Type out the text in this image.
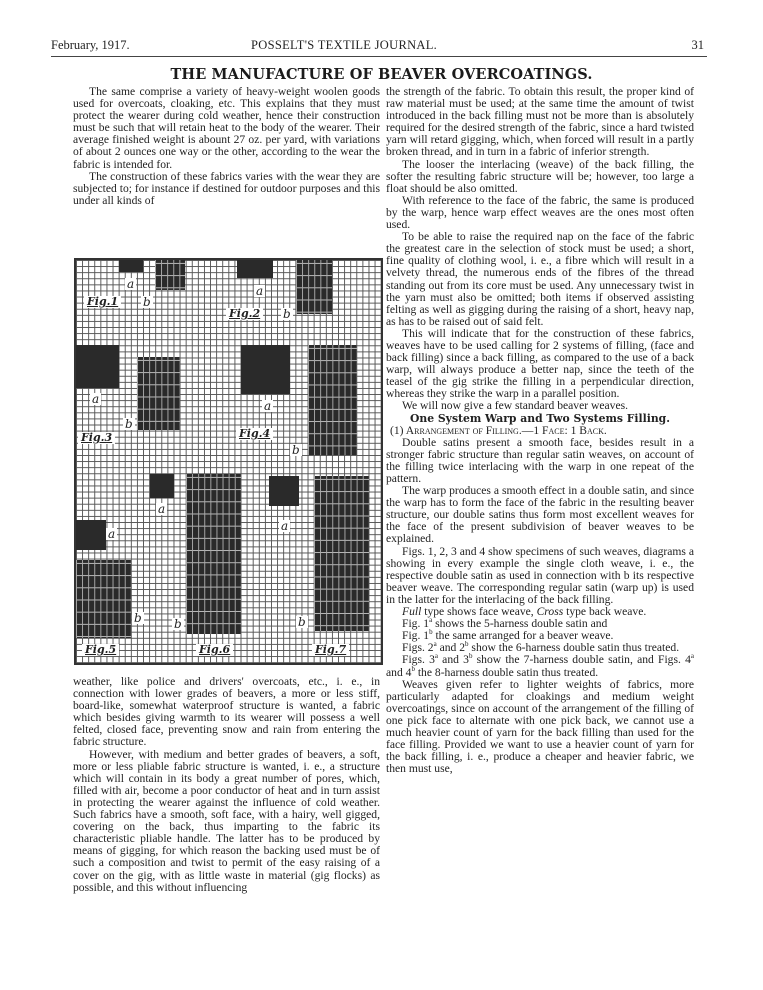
February, 1917.	POSSELT'S TEXTILE JOURNAL.	31
THE MANUFACTURE OF BEAVER OVERCOATINGS.

The same comprise a variety of heavy-weight woolen goods used for overcoats, cloaking, etc. This explains that they must protect the wearer during cold weather, hence their construction must be such that will retain heat to the body of the wearer. Their average finished weight is abount 27 oz. per yard, with variations of about 2 ounces one way or the other, according to the wear the fabric is intended for.

The construction of these fabrics varies with the wear they are subjected to; for instance if destined for outdoor purposes and this under all kinds of

a
b
Fig.1
a
b
Fig.2
a
b
Fig.3
a
b
Fig.4
a
b
Fig.5
a
b
Fig.6
a
b
Fig.7

weather, like police and drivers' overcoats, etc., i. e., in connection with lower grades of beavers, a more or less stiff, board-like, somewhat waterproof structure is wanted, a fabric which besides giving warmth to its wearer will possess a well felted, closed face, preventing snow and rain from entering the fabric structure.

However, with medium and better grades of beavers, a soft, more or less pliable fabric structure is wanted, i. e., a structure which will contain in its body a great number of pores, which, filled with air, become a poor conductor of heat and in turn assist in protecting the wearer against the influence of cold weather. Such fabrics have a smooth, soft face, with a hairy, well gigged, covering on the back, thus imparting to the fabric its characteristic pliable handle. The latter has to be produced by means of gigging, for which reason the backing used must be of such a composition and twist to permit of the easy raising of a cover on the gig, with as little waste in material (gig flocks) as possible, and this without influencing

the strength of the fabric. To obtain this result, the proper kind of raw material must be used; at the same time the amount of twist introduced in the back filling must not be more than is absolutely required for the desired strength of the fabric, since a hard twisted yarn will retard gigging, which, when forced will result in a partly broken thread, and in turn in a fabric of inferior strength.

The looser the interlacing (weave) of the back filling, the softer the resulting fabric structure will be; however, too large a float should be also omitted.

With reference to the face of the fabric, the same is produced by the warp, hence warp effect weaves are the ones most often used.

To be able to raise the required nap on the face of the fabric the greatest care in the selection of stock must be used; a short, fine quality of clothing wool, i. e., a fibre which will result in a velvety thread, the numerous ends of the fibres of the thread standing out from its core must be used. Any unnecessary twist in the yarn must also be omitted; both items if observed assisting felting as well as gigging during the raising of a short, heavy nap, as has to be raised out of said felt.

This will indicate that for the construction of these fabrics, weaves have to be used calling for 2 systems of filling, (face and back filling) since a back filling, as compared to the use of a back warp, will always produce a better nap, since the teeth of the teasel of the gig strike the filling in a perpendicular direction, whereas they strike the warp in a parallel position.

We will now give a few standard beaver weaves.

One System Warp and Two Systems Filling.

(1) Arrangement of Filling.—1 Face: 1 Back.

Double satins present a smooth face, besides result in a stronger fabric structure than regular satin weaves, on account of the filling twice interlacing with the warp in one repeat of the pattern.

The warp produces a smooth effect in a double satin, and since the warp has to form the face of the fabric in the resulting beaver structure, our double satins thus form most excellent weaves for the face of the present subdivision of beaver weaves to be explained.

Figs. 1, 2, 3 and 4 show specimens of such weaves, diagrams a showing in every example the single cloth weave, i. e., the respective double satin as used in connection with b its respective beaver weave. The corresponding regular satin (warp up) is used in the latter for the interlacing of the back filling.

Full type shows face weave, Cross type back weave.

Fig. 1$^a$ shows the 5-harness double satin and

Fig. 1$^b$ the same arranged for a beaver weave.

Figs. 2$^a$ and 2$^b$ show the 6-harness double satin thus treated.

Figs. 3$^a$ and 3$^b$ show the 7-harness double satin, and Figs. 4$^a$ and 4$^b$ the 8-harness double satin thus treated.

Weaves given refer to lighter weights of fabrics, more particularly adapted for cloakings and medium weight overcoatings, since on account of the arrangement of the filling of one pick face to alternate with one pick back, we cannot use a much heavier count of yarn for the back filling than used for the face filling. Provided we want to use a heavier count of yarn for the back filling, i. e., produce a cheaper and heavier fabric, we then must use,
